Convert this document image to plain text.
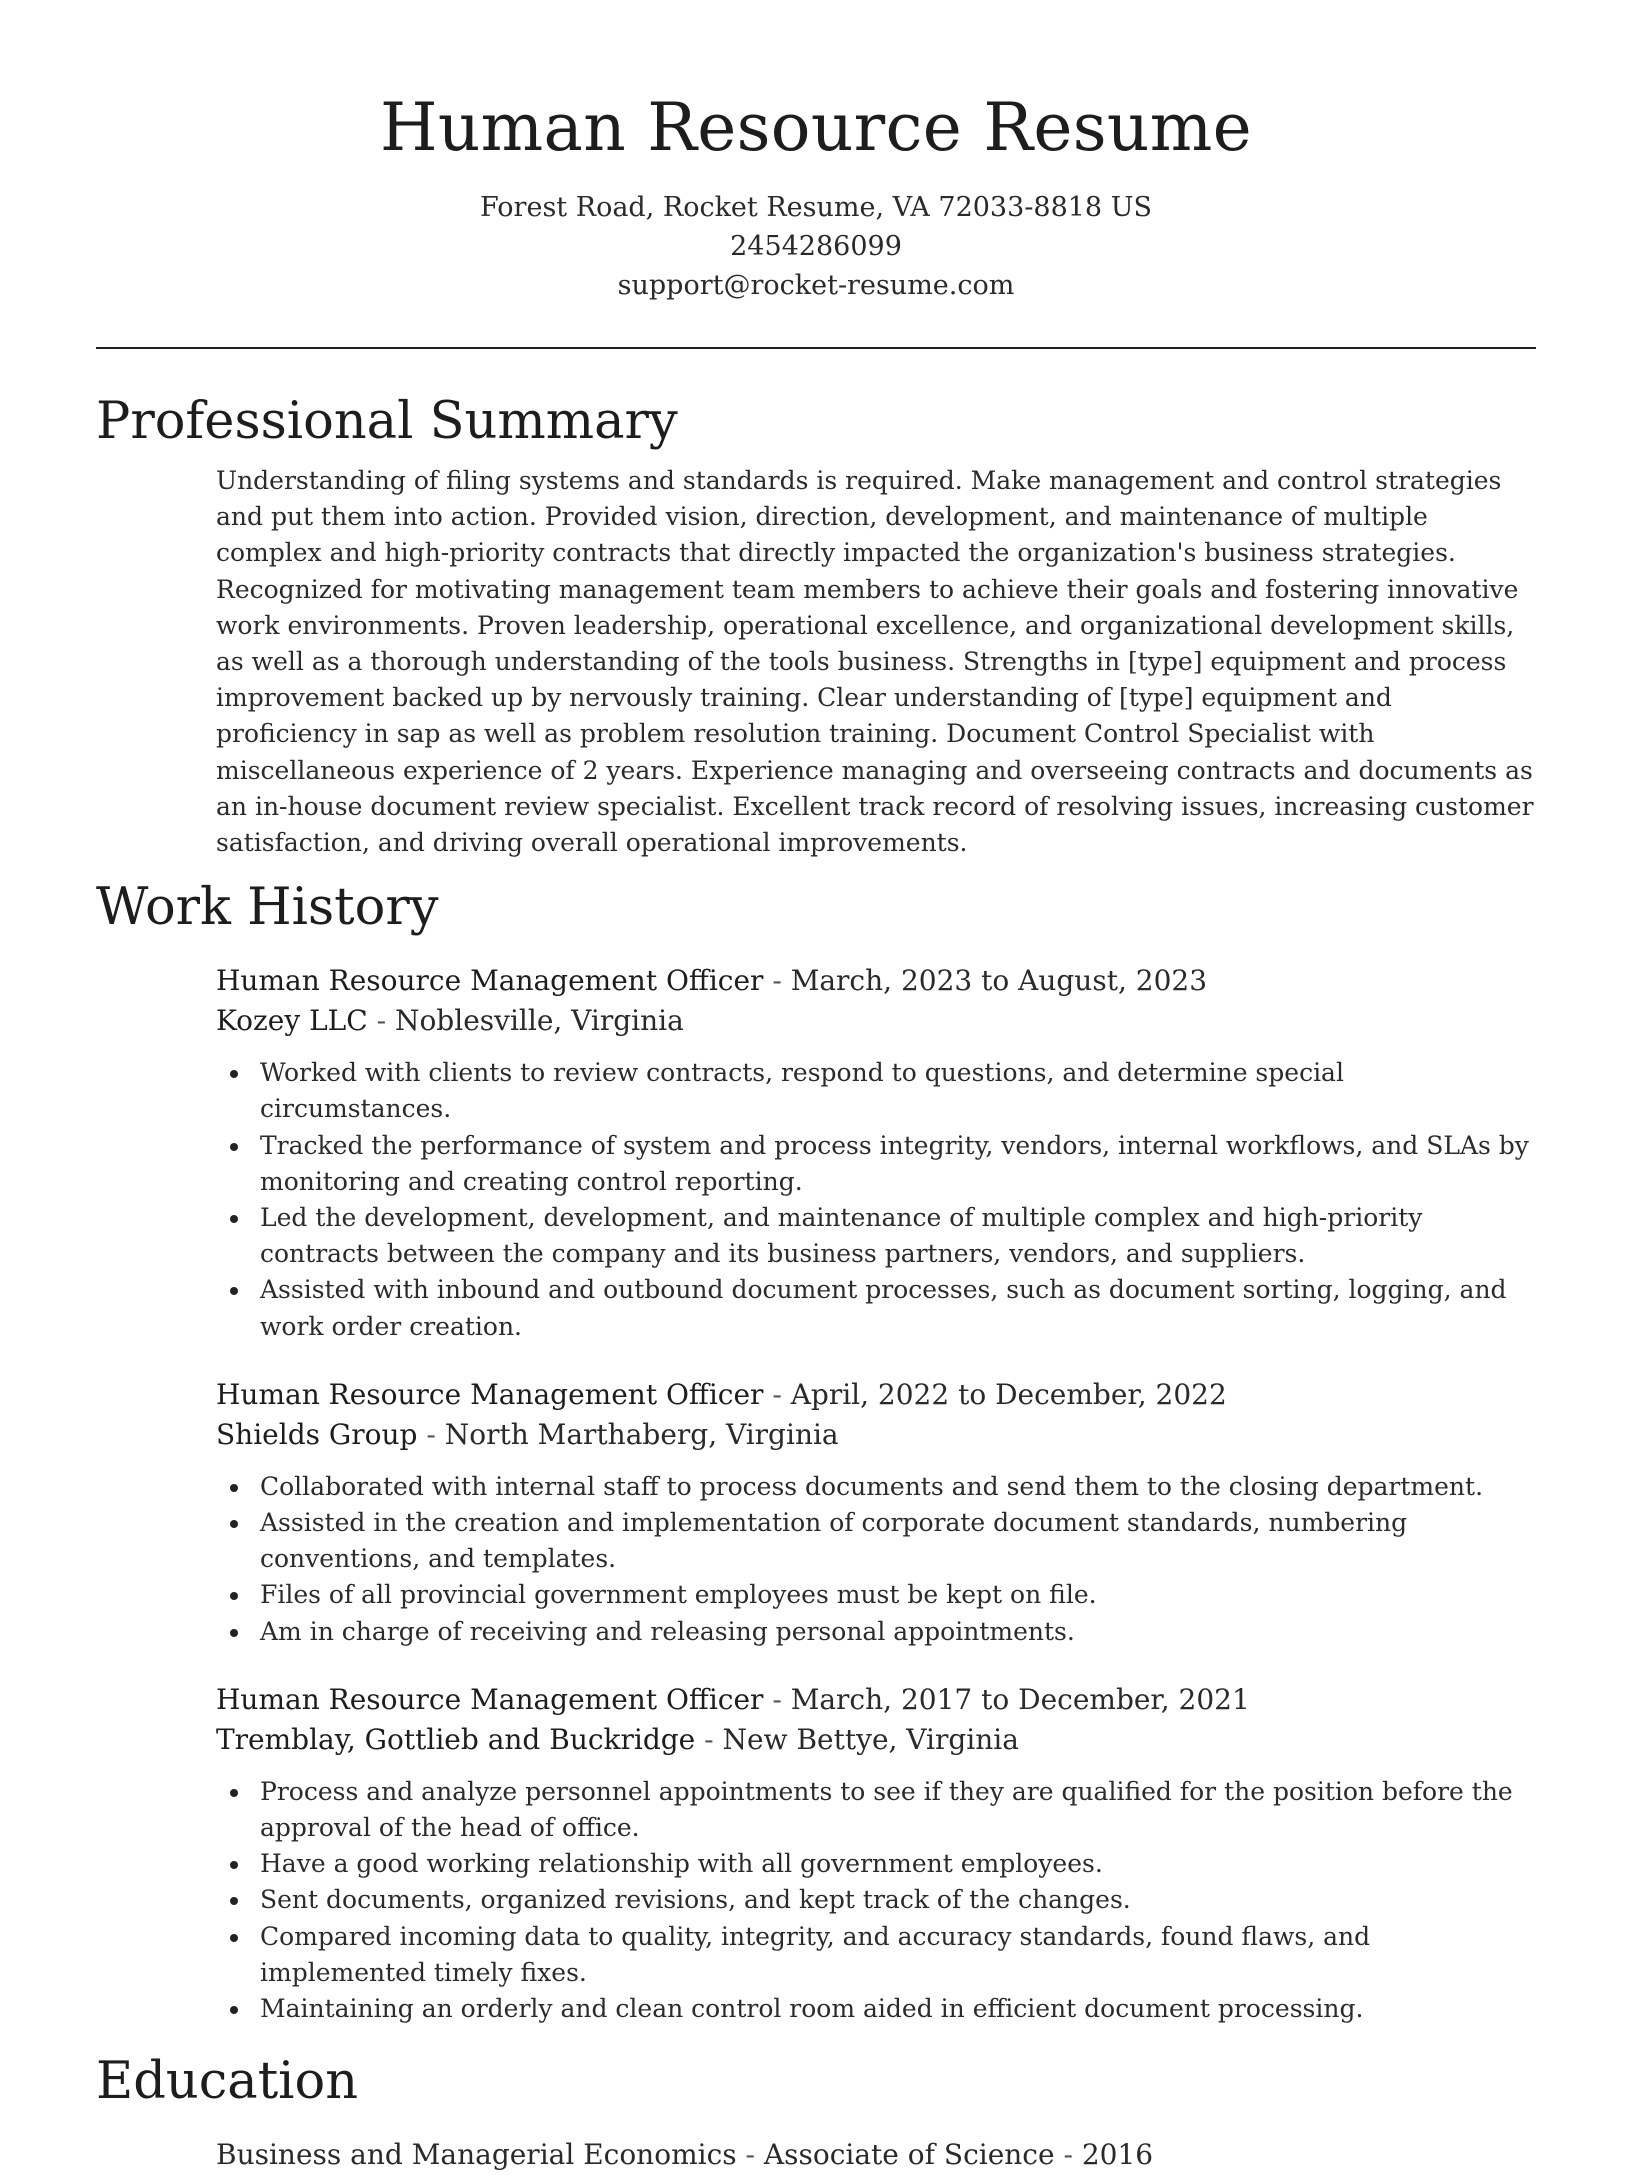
Human Resource Resume
Forest Road, Rocket Resume, VA 72033-8818 US
2454286099
support@rocket-resume.com
Professional Summary

Understanding of filing systems and standards is required. Make management and control strategies and put them into action. Provided vision, direction, development, and maintenance of multiple complex and high-priority contracts that directly impacted the organization's business strategies. Recognized for motivating management team members to achieve their goals and fostering innovative work environments. Proven leadership, operational excellence, and organizational development skills, as well as a thorough understanding of the tools business. Strengths in [type] equipment and process improvement backed up by nervously training. Clear understanding of [type] equipment and proficiency in sap as well as problem resolution training. Document Control Specialist with miscellaneous experience of 2 years. Experience managing and overseeing contracts and documents as an in-house document review specialist. Excellent track record of resolving issues, increasing customer satisfaction, and driving overall operational improvements.

Work History
Human Resource Management Officer - March, 2023 to August, 2023
Kozey LLC - Noblesville, Virginia
Worked with clients to review contracts, respond to questions, and determine special circumstances.
Tracked the performance of system and process integrity, vendors, internal workflows, and SLAs by monitoring and creating control reporting.
Led the development, development, and maintenance of multiple complex and high-priority contracts between the company and its business partners, vendors, and suppliers.
Assisted with inbound and outbound document processes, such as document sorting, logging, and work order creation.
Human Resource Management Officer - April, 2022 to December, 2022
Shields Group - North Marthaberg, Virginia
Collaborated with internal staff to process documents and send them to the closing department.
Assisted in the creation and implementation of corporate document standards, numbering conventions, and templates.
Files of all provincial government employees must be kept on file.
Am in charge of receiving and releasing personal appointments.
Human Resource Management Officer - March, 2017 to December, 2021
Tremblay, Gottlieb and Buckridge - New Bettye, Virginia
Process and analyze personnel appointments to see if they are qualified for the position before the approval of the head of office.
Have a good working relationship with all government employees.
Sent documents, organized revisions, and kept track of the changes.
Compared incoming data to quality, integrity, and accuracy standards, found flaws, and implemented timely fixes.
Maintaining an orderly and clean control room aided in efficient document processing.
Education
Business and Managerial Economics - Associate of Science - 2016
